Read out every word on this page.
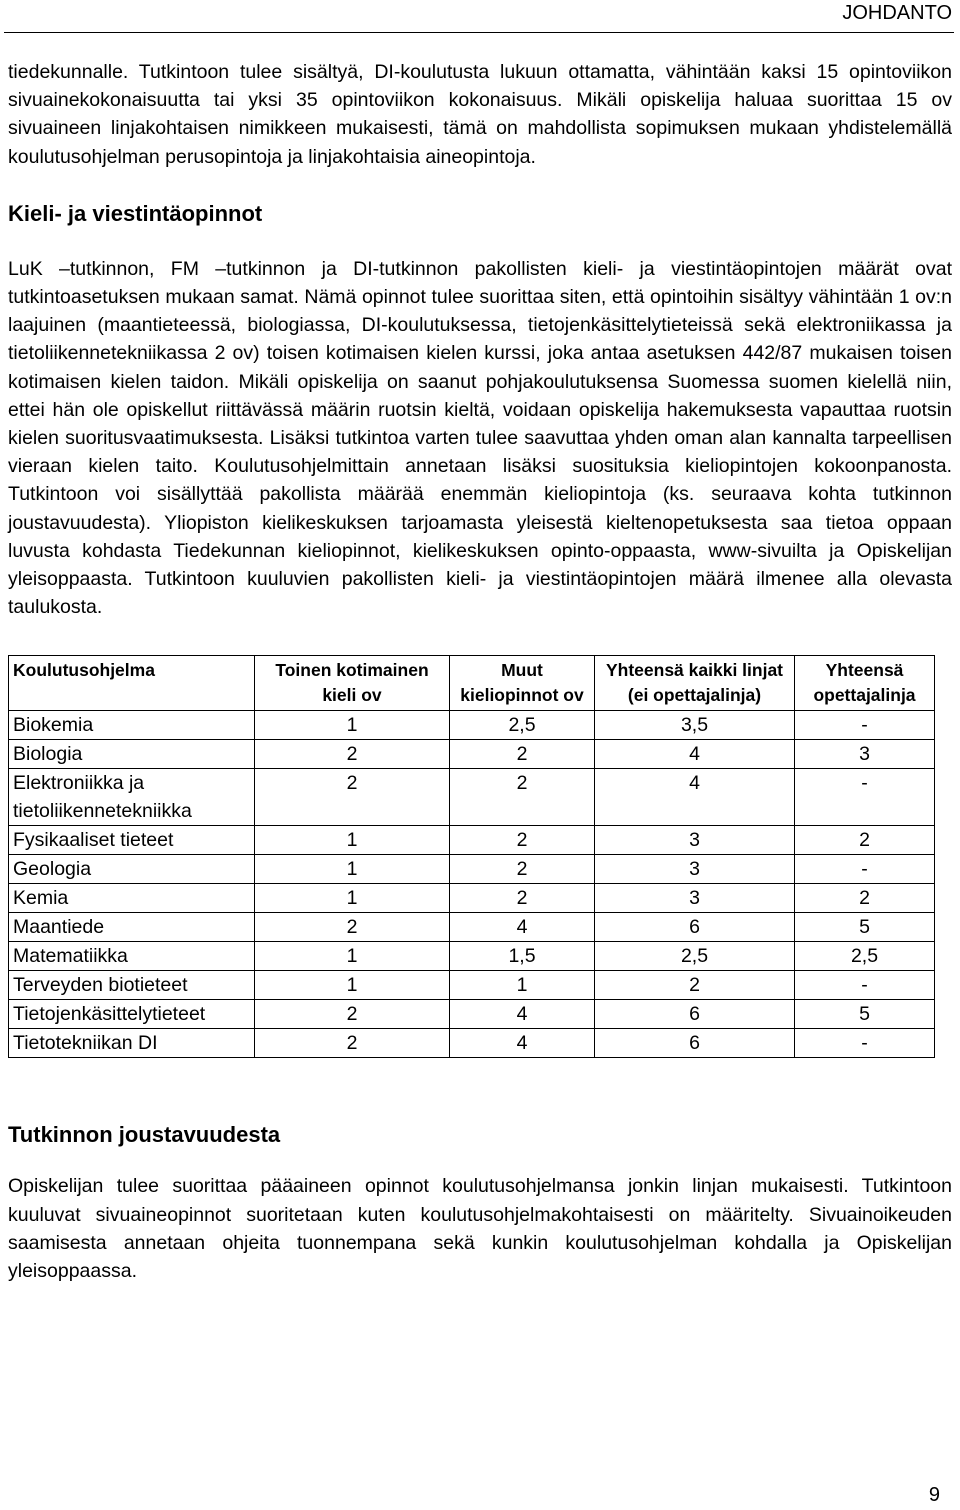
JOHDANTO

tiedekunnalle. Tutkintoon tulee sisältyä, DI-koulutusta lukuun ottamatta, vähintään kaksi 15 opintoviikon sivuainekokonaisuutta tai yksi 35 opintoviikon kokonaisuus. Mikäli opiskelija haluaa suorittaa 15 ov sivuaineen linjakohtaisen nimikkeen mukaisesti, tämä on mahdollista sopimuksen mukaan yhdistelemällä koulutusohjelman perusopintoja ja linjakohtaisia aineopintoja.

Kieli- ja viestintäopinnot

LuK –tutkinnon, FM –tutkinnon ja DI-tutkinnon pakollisten kieli- ja viestintäopintojen määrät ovat tutkintoasetuksen mukaan samat. Nämä opinnot tulee suorittaa siten, että opintoihin sisältyy vähintään 1 ov:n laajuinen (maantieteessä, biologiassa, DI-koulutuksessa, tietojenkäsittelytieteissä sekä elektroniikassa ja tietoliikennetekniikassa 2 ov) toisen kotimaisen kielen kurssi, joka antaa asetuksen 442/87 mukaisen toisen kotimaisen kielen taidon. Mikäli opiskelija on saanut pohjakoulutuksensa Suomessa suomen kielellä niin, ettei hän ole opiskellut riittävässä määrin ruotsin kieltä, voidaan opiskelija hakemuksesta vapauttaa ruotsin kielen suoritusvaatimuksesta. Lisäksi tutkintoa varten tulee saavuttaa yhden oman alan kannalta tarpeellisen vieraan kielen taito. Koulutusohjelmittain annetaan lisäksi suosituksia kieliopintojen kokoonpanosta. Tutkintoon voi sisällyttää pakollista määrää enemmän kieliopintoja (ks. seuraava kohta tutkinnon joustavuudesta). Yliopiston kielikeskuksen tarjoamasta yleisestä kieltenopetuksesta saa tietoa oppaan luvusta kohdasta Tiedekunnan kieliopinnot, kielikeskuksen opinto-oppaasta, www-sivuilta ja Opiskelijan yleisoppaasta. Tutkintoon kuuluvien pakollisten kieli- ja viestintäopintojen määrä ilmenee alla olevasta taulukosta.

Koulutusohjelma	Toinen kotimainen kieli ov	Muut kieliopinnot ov	Yhteensä kaikki linjat (ei opettajalinja)	Yhteensä opettajalinja
Biokemia	1	2,5	3,5	-
Biologia	2	2	4	3
Elektroniikka ja tietoliikennetekniikka	2	2	4	-
Fysikaaliset tieteet	1	2	3	2
Geologia	1	2	3	-
Kemia	1	2	3	2
Maantiede	2	4	6	5
Matematiikka	1	1,5	2,5	2,5
Terveyden biotieteet	1	1	2	-
Tietojenkäsittelytieteet	2	4	6	5
Tietotekniikan DI	2	4	6	-
Tutkinnon joustavuudesta

Opiskelijan tulee suorittaa pääaineen opinnot koulutusohjelmansa jonkin linjan mukaisesti. Tutkintoon kuuluvat sivuaineopinnot suoritetaan kuten koulutusohjelmakohtaisesti on määritelty. Sivuainoikeuden saamisesta annetaan ohjeita tuonnempana sekä kunkin koulutusohjelman kohdalla ja Opiskelijan yleisoppaassa.

9
